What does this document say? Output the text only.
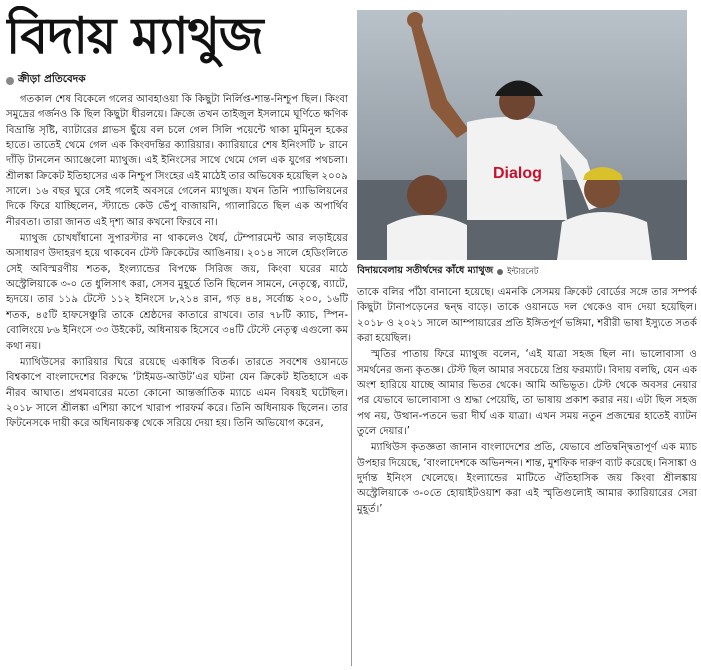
বিদায় ম্যাথুজ
ক্রীড়া প্রতিবেদক

গতকাল শেষ বিকেলে গলের আবহাওয়া কি কিছুটা নির্লিপ্ত-শান্ত-নিশ্চুপ ছিল। কিংবা সমুদ্রের গর্জনও কি ছিল কিছুটা ধীরলয়ে। ক্রিজে তখন তাইজুল ইসলামে ঘূর্ণিতে ক্ষণিক বিভ্রান্তি সৃষ্টি, ব্যাটারের গ্লাভস ছুঁয়ে বল চলে গেল সিলি পয়েন্টে থাকা মুমিনুল হকের হাতে। তাতেই থেমে গেল এক কিংবদন্তির ক্যারিয়ার। ক্যারিয়ারে শেষ ইনিংসটি ৮ রানে দাঁড়ি টানলেন অ্যাঞ্জেলো ম্যাথুজ। এই ইনিংসের সাথে থেমে গেল এক যুগের পথচলা। শ্রীলঙ্কা ক্রিকেট ইতিহাসের এক নিশ্চুপ সিংহের এই মাঠেই তার অভিষেক হয়েছিল ২০০৯ সালে। ১৬ বছর ঘুরে সেই গলেই অবসরে গেলেন ম্যাথুজ। যখন তিনি প্যাভিলিয়নের দিকে ফিরে যাচ্ছিলেন, স্ট্যান্ডে কেউ ভেঁপু বাজায়নি, গ্যালারিতে ছিল এক অপার্থিব নীরবতা। তারা জানত এই দৃশ্য আর কখনো ফিরবে না।

ম্যাথুজ চোখধাঁধানো সুপারস্টার না থাকলেও ধৈর্য, টেম্পারমেন্ট আর লড়াইয়ের অসাধারণ উদাহরণ হয়ে থাকবেন টেস্ট ক্রিকেটের আঙিনায়। ২০১৪ সালে হেডিংলিতে সেই অবিস্মরণীয় শতক, ইংল্যান্ডের বিপক্ষে সিরিজ জয়, কিংবা ঘরের মাঠে অস্ট্রেলিয়াকে ৩-০ তে ধুলিসাৎ করা, সেসব মুহূর্তে তিনি ছিলেন সামনে, নেতৃত্বে, ব্যাটে, হৃদয়ে। তার ১১৯ টেস্টে ১১২ ইনিংসে ৮,২১৪ রান, গড় ৪৪, সর্বোচ্চ ২০০, ১৬টি শতক, ৪৫টি হাফসেঞ্চুরি তাকে শ্রেষ্ঠদের কাতারে রাখবে। তার ৭৮টি ক্যাচ, স্পিন-বোলিংয়ে ৮৬ ইনিংসে ৩৩ উইকেট, অধিনায়ক হিসেবে ৩৪টি টেস্টে নেতৃত্ব এগুলো কম কথা নয়।

ম্যাথিউসের ক্যারিয়ার ঘিরে রয়েছে একাধিক বিতর্ক। তারতে সবশেষ ওয়ানডে বিশ্বকাপে বাংলাদেশের বিরুদ্ধে ‘টাইমড-আউট’এর ঘটনা যেন ক্রিকেট ইতিহাসে এক নীরব আঘাত। প্রথমবারের মতো কোনো আন্তর্জাতিক ম্যাচে এমন বিষয়ই ঘটেছিল। ২০১৮ সালে শ্রীলঙ্কা এশিয়া কাপে খারাপ পারফর্ম করে। তিনি অধিনায়ক ছিলেন। তার ফিটনেসকে দায়ী করে অধিনায়কত্ব থেকে সরিয়ে দেয়া হয়। তিনি অভিযোগ করেন,

Dialog
বিদায়বেলায় সতীর্থদের কাঁধে ম্যাথুজ ইন্টারনেট

তাকে বলির পাঁঠা বানানো হয়েছে। এমনকি সেসময় ক্রিকেট বোর্ডের সঙ্গে তার সম্পর্ক কিছুটা টানাপড়েনের দ্বন্দ্ব বাড়ে। তাকে ওয়ানডে দল থেকেও বাদ দেয়া হয়েছিল। ২০১৮ ও ২০২১ সালে আম্পায়ারের প্রতি ইঙ্গিতপূর্ণ ভঙ্গিমা, শরীরী ভাষা ইস্যুতে সতর্ক করা হয়েছিল।

স্মৃতির পাতায় ফিরে ম্যাথুজ বলেন, ‘এই যাত্রা সহজ ছিল না। ভালোবাসা ও সমর্থনের জন্য কৃতজ্ঞ। টেস্ট ছিল আমার সবচেয়ে প্রিয় ফরম্যাট। বিদায় বলছি, যেন এক অংশ হারিয়ে যাচ্ছে আমার ভিতর থেকে। আমি অভিভূত। টেস্ট থেকে অবসর নেয়ার পর যেভাবে ভালোবাসা ও শ্রদ্ধা পেয়েছি, তা ভাষায় প্রকাশ করার নয়। এটা ছিল সহজ পথ নয়, উত্থান-পতনে ভরা দীর্ঘ এক যাত্রা। এখন সময় নতুন প্রজন্মের হাতেই ব্যাটন তুলে দেয়ার।’

ম্যাথিউস কৃতজ্ঞতা জানান বাংলাদেশের প্রতি, যেভাবে প্রতিদ্বন্দ্বিতাপূর্ণ এক ম্যাচ উপহার দিয়েছে, ‘বাংলাদেশকে অভিনন্দন। শান্ত, মুশফিক দারুণ ব্যাট করেছে। নিসাঙ্কা ও দুর্দান্ত ইনিংস খেলেছে। ইংল্যান্ডের মাটিতে ঐতিহাসিক জয় কিংবা শ্রীলঙ্কায় অস্ট্রেলিয়াকে ৩-০তে হোয়াইটওয়াশ করা এই স্মৃতিগুলোই আমার ক্যারিয়ারের সেরা মুহূর্ত।’
